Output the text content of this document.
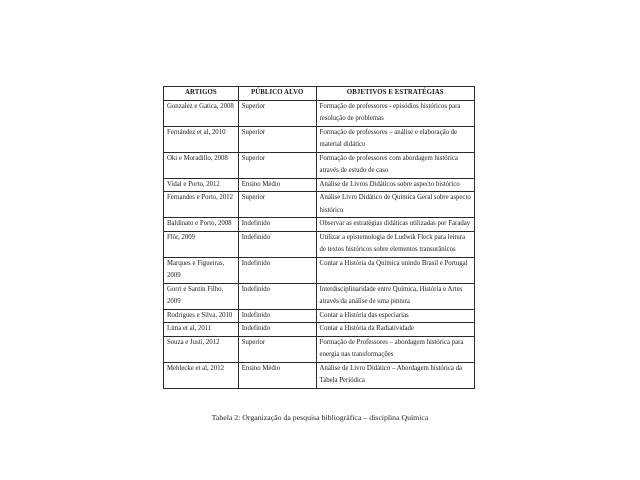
ARTIGOS	PÚBLICO ALVO	OBJETIVOS E ESTRATÉGIAS
Gonzalez e Gatica, 2008	Superior	Formação de professores - episódios históricos para resolução de problemas
Fernández et al, 2010	Superior	Formação de professores – análise e elaboração de material didático
Oki e Moradillo, 2008	Superior	Formação de professores com abordagem histórica através de estudo de caso
Vidal e Porto, 2012	Ensino Médio	Análise de Livros Didáticos sobre aspecto histórico
Fernandes e Porto, 2012	Superior	Análise Livro Didático de Química Geral sobre aspecto histórico
Baldinato e Porto, 2008	Indefinido	Observar as estratégias didáticas utilizadas por Faraday
Flôr, 2009	Indefinido	Utilizar a epistemologia de Ludwik Fleck para leitura de textos históricos sobre elementos transurânicos
Marques e Figueiras, 2009	Indefinido	Contar a História da Química unindo Brasil e Portugal
Gorri e Santin Filho, 2009	Indefinido	Interdisciplinaridade entre Química, História e Artes através da análise de uma pintura
Rodrigues e Silva, 2010	Indefinido	Contar a História das especiarias
Lima et al, 2011	Indefinido	Contar a História da Radiatividade
Souza e Justi, 2012	Superior	Formação de Professores – abordagem histórica para energia nas transformações
Mehlecke et al, 2012	Ensino Médio	Análise de Livro Didático – Abordagem histórica da Tabela Periódica
Tabela 2: Organização da pesquisa bibliográfica – disciplina Química
